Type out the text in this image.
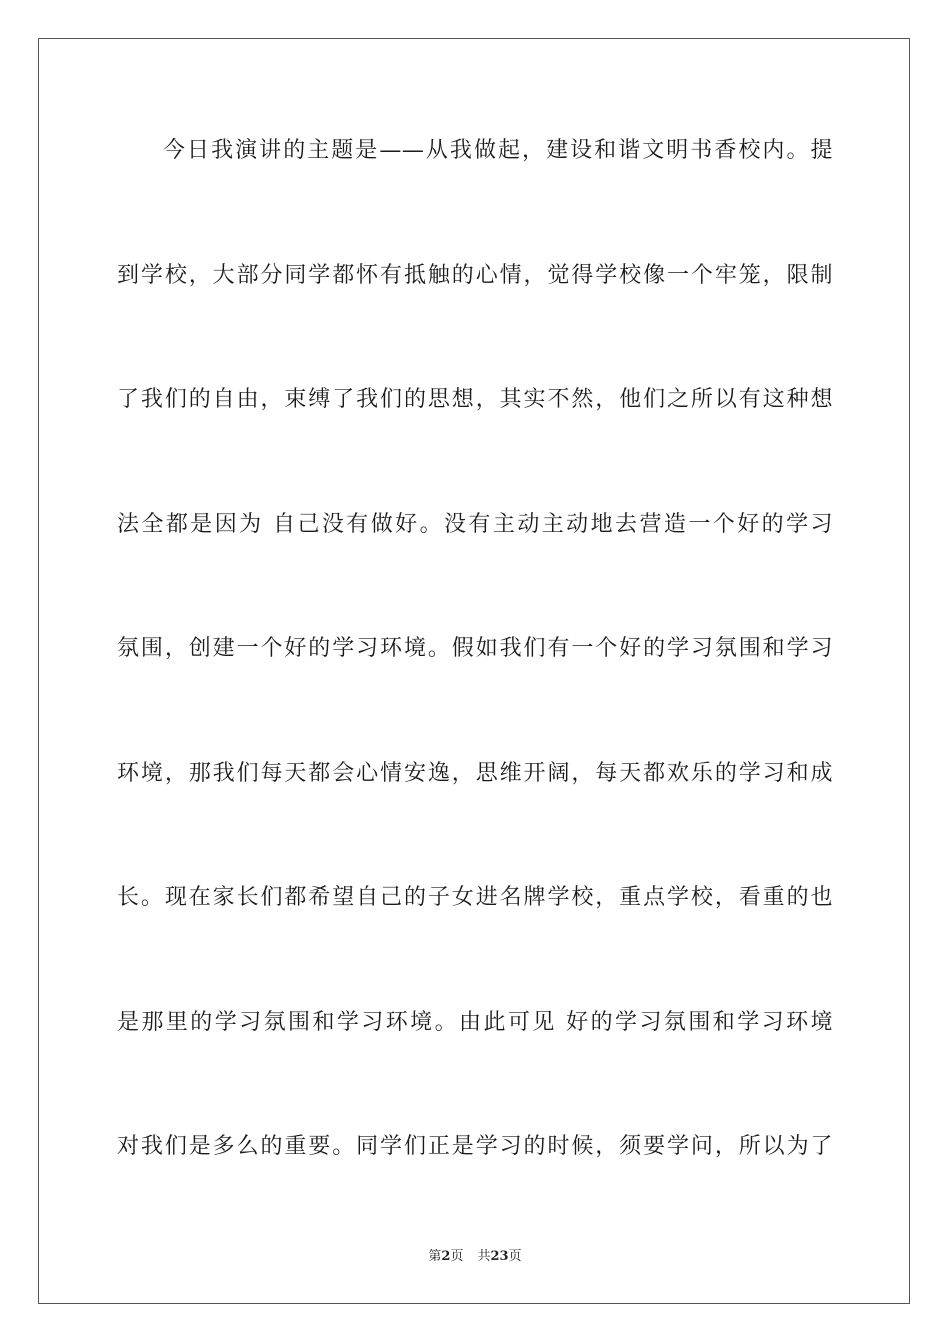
今日我演讲的主题是——从我做起，建设和谐文明书香校内。提
到学校，大部分同学都怀有抵触的心情，觉得学校像一个牢笼，限制
了我们的自由，束缚了我们的思想，其实不然，他们之所以有这种想
法全都是因为 自己没有做好。没有主动主动地去营造一个好的学习
氛围，创建一个好的学习环境。假如我们有一个好的学习氛围和学习
环境，那我们每天都会心情安逸，思维开阔，每天都欢乐的学习和成
长。现在家长们都希望自己的子女进名牌学校，重点学校，看重的也
是那里的学习氛围和学习环境。由此可见 好的学习氛围和学习环境
对我们是多么的重要。同学们正是学习的时候，须要学问，所以为了
第2页 共23页
